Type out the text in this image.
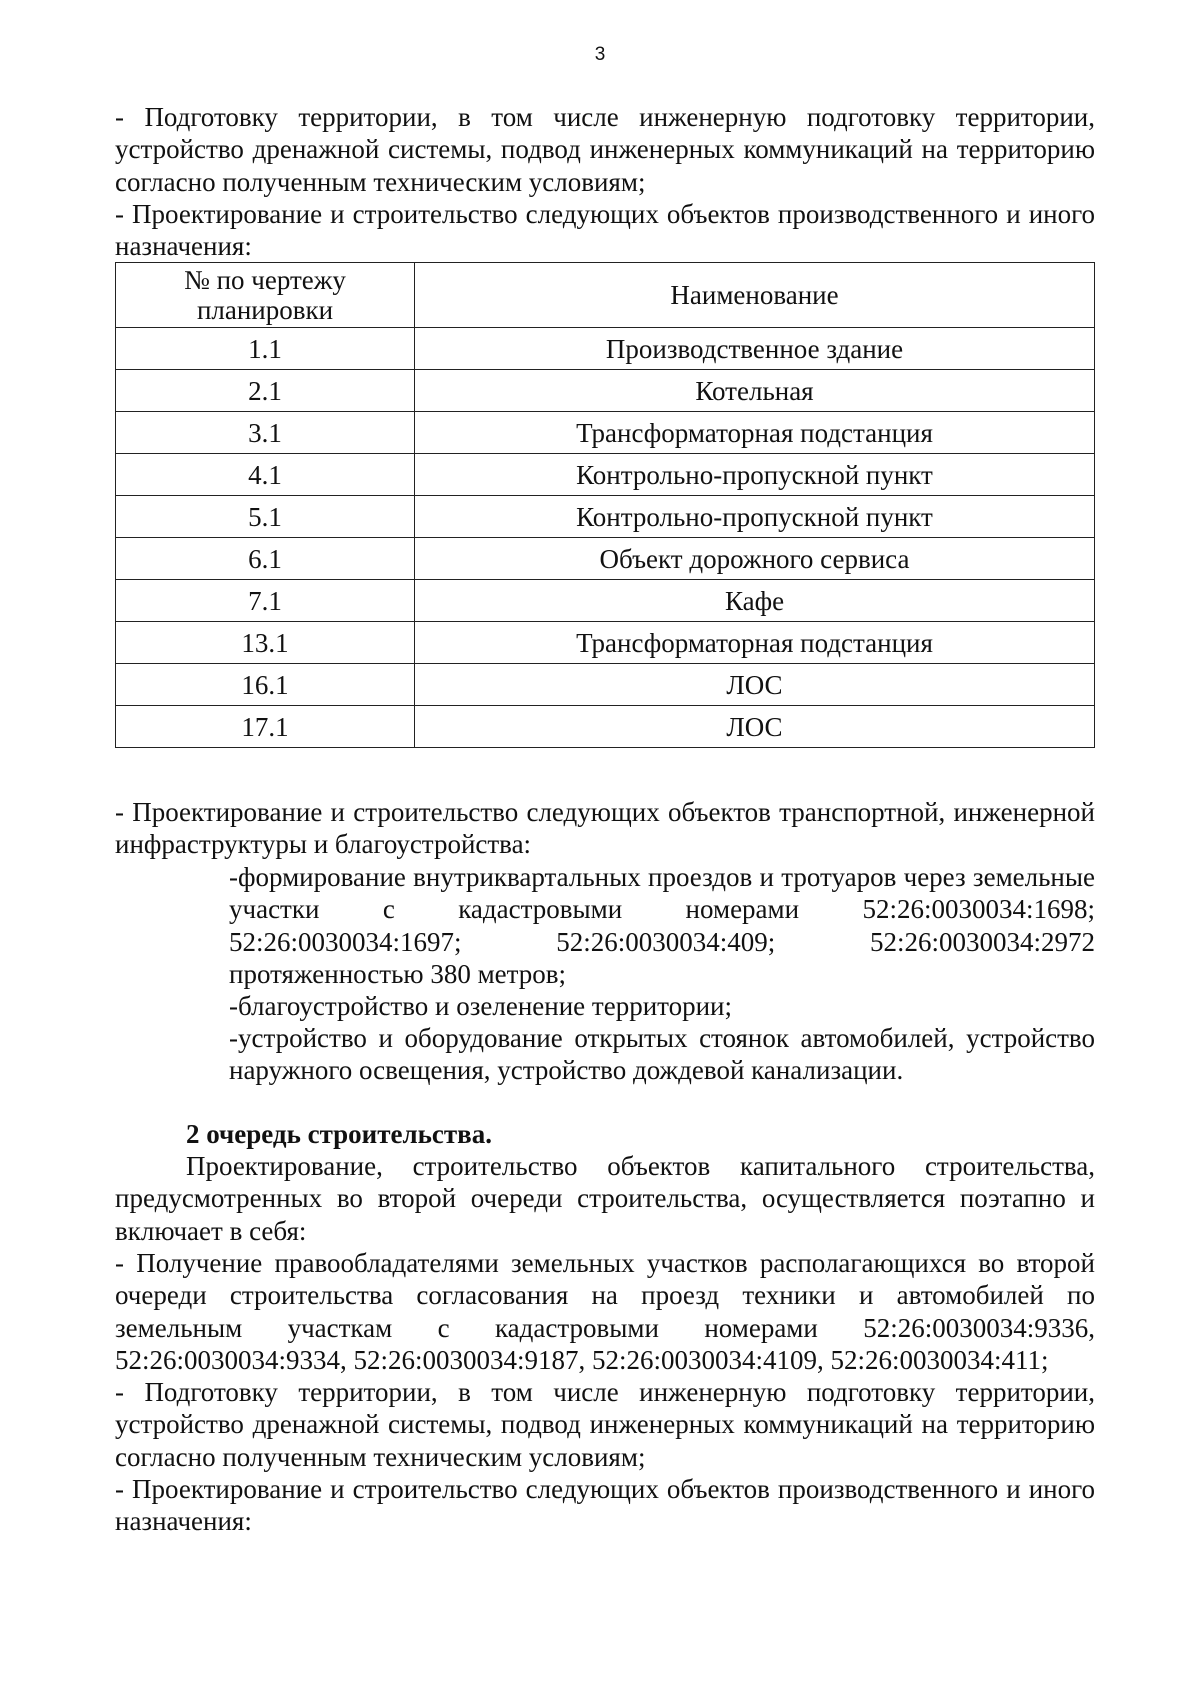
3

- Подготовку территории, в том числе инженерную подготовку территории, устройство дренажной системы, подвод инженерных коммуникаций на территорию согласно полученным техническим условиям;

- Проектирование и строительство следующих объектов производственного и иного назначения:

№ по чертежу планировки	Наименование
1.1	Производственное здание
2.1	Котельная
3.1	Трансформаторная подстанция
4.1	Контрольно-пропускной пункт
5.1	Контрольно-пропускной пункт
6.1	Объект дорожного сервиса
7.1	Кафе
13.1	Трансформаторная подстанция
16.1	ЛОС
17.1	ЛОС

- Проектирование и строительство следующих объектов транспортной, инженерной инфраструктуры и благоустройства:

-формирование внутриквартальных проездов и тротуаров через земельные участки с кадастровыми номерами 52:26:0030034:1698; 52:26:0030034:1697; 52:26:0030034:409; 52:26:0030034:2972 протяженностью 380 метров;

-благоустройство и озеленение территории;

-устройство и оборудование открытых стоянок автомобилей, устройство наружного освещения, устройство дождевой канализации.

2 очередь строительства.

Проектирование, строительство объектов капитального строительства, предусмотренных во второй очереди строительства, осуществляется поэтапно и включает в себя:

- Получение правообладателями земельных участков располагающихся во второй очереди строительства согласования на проезд техники и автомобилей по земельным участкам с кадастровыми номерами 52:26:0030034:9336, 52:26:0030034:9334, 52:26:0030034:9187, 52:26:0030034:4109, 52:26:0030034:411;

- Подготовку территории, в том числе инженерную подготовку территории, устройство дренажной системы, подвод инженерных коммуникаций на территорию согласно полученным техническим условиям;

- Проектирование и строительство следующих объектов производственного и иного назначения:
